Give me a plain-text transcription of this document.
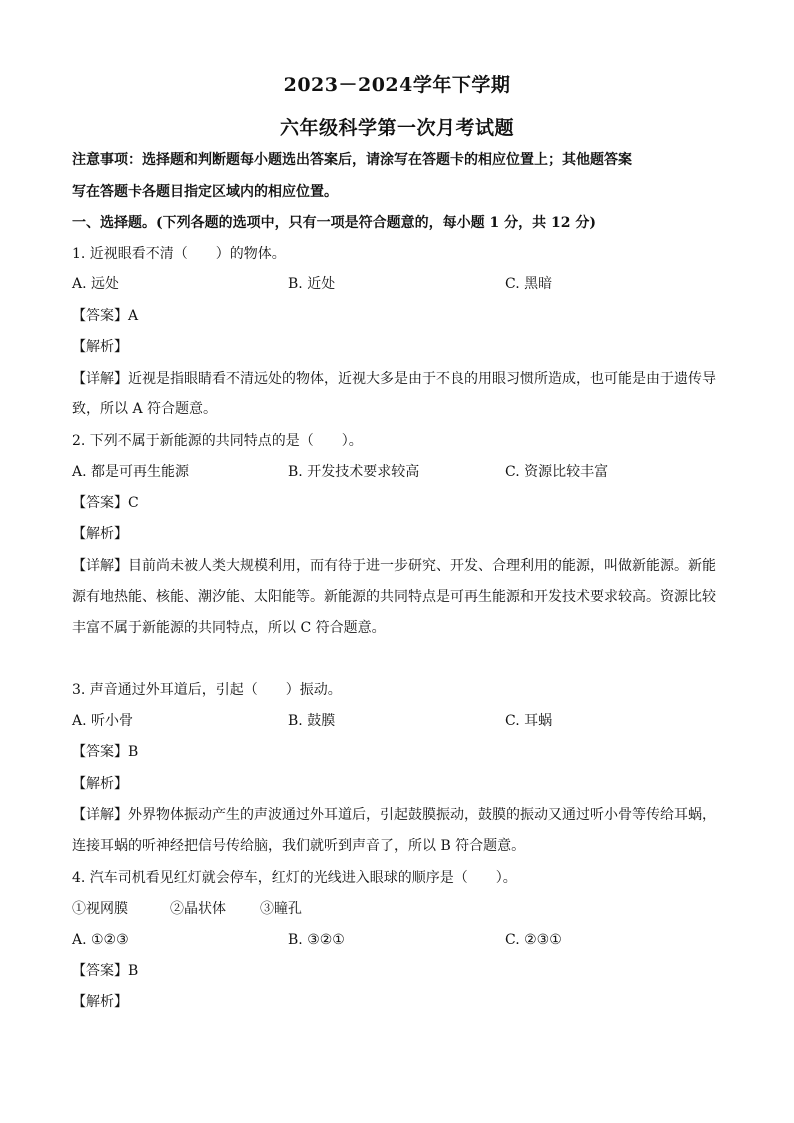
2023－2024学年下学期
六年级科学第一次月考试题
注意事项：选择题和判断题每小题选出答案后，请涂写在答题卡的相应位置上；其他题答案
写在答题卡各题目指定区域内的相应位置。
一、选择题。(下列各题的选项中，只有一项是符合题意的，每小题 1 分，共 12 分)
1. 近视眼看不清（　　）的物体。
A. 远处	B. 近处	C. 黑暗
【答案】A
【解析】
【详解】近视是指眼睛看不清远处的物体，近视大多是由于不良的用眼习惯所造成，也可能是由于遗传导
致，所以 A 符合题意。
2. 下列不属于新能源的共同特点的是（　　）。
A. 都是可再生能源	B. 开发技术要求较高	C. 资源比较丰富
【答案】C
【解析】
【详解】目前尚未被人类大规模利用，而有待于进一步研究、开发、合理利用的能源，叫做新能源。新能
源有地热能、核能、潮汐能、太阳能等。新能源的共同特点是可再生能源和开发技术要求较高。资源比较
丰富不属于新能源的共同特点，所以 C 符合题意。
3. 声音通过外耳道后，引起（　　）振动。
A. 听小骨	B. 鼓膜	C. 耳蜗
【答案】B
【解析】
【详解】外界物体振动产生的声波通过外耳道后，引起鼓膜振动，鼓膜的振动又通过听小骨等传给耳蜗，
连接耳蜗的听神经把信号传给脑，我们就听到声音了，所以 B 符合题意。
4. 汽车司机看见红灯就会停车，红灯的光线进入眼球的顺序是（　　）。
①视网膜	②晶状体 ③瞳孔
A. ①②③	B. ③②①	C. ②③①
【答案】B
【解析】
